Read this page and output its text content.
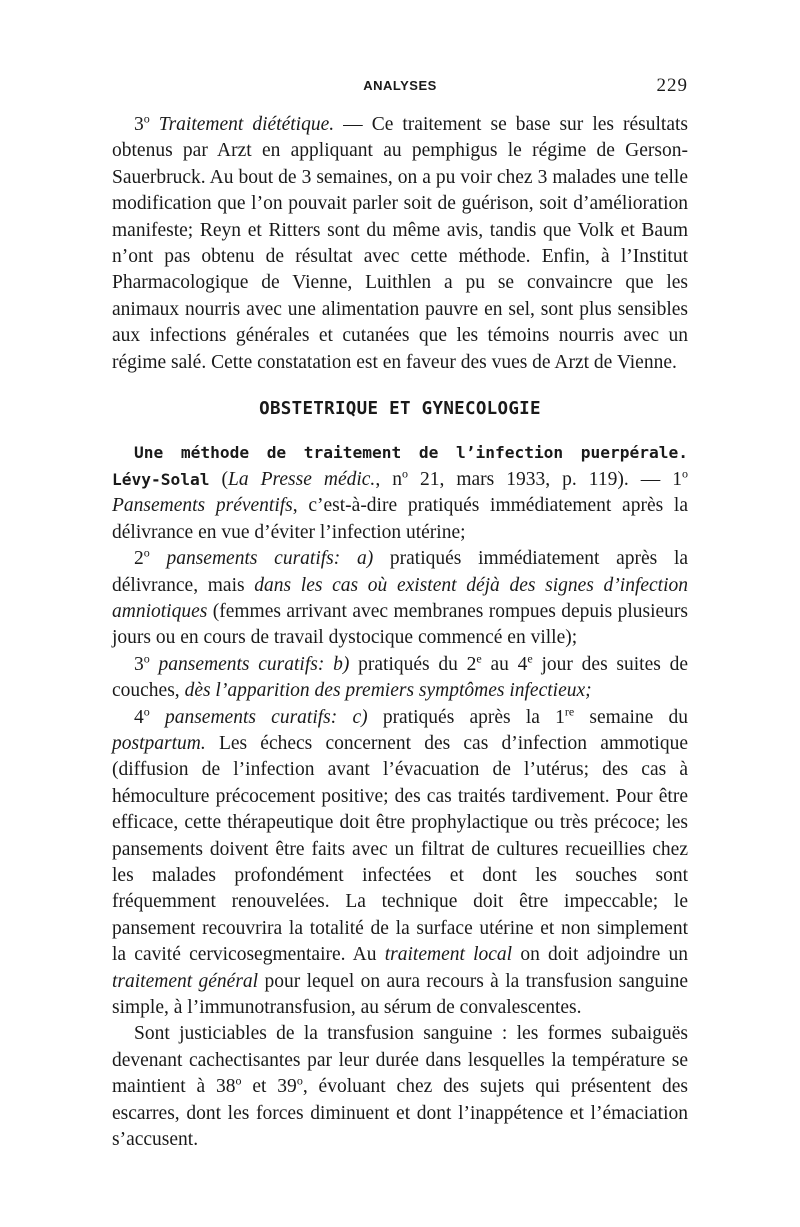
ANALYSES	229

3$^o$ Traitement diététique. — Ce traitement se base sur les résultats obtenus par Arzt en appliquant au pemphigus le régime de Gerson-Sauerbruck. Au bout de 3 semaines, on a pu voir chez 3 malades une telle modification que l’on pouvait parler soit de guérison, soit d’amélioration manifeste; Reyn et Ritters sont du même avis, tandis que Volk et Baum n’ont pas obtenu de résultat avec cette méthode. Enfin, à l’Institut Pharmacologique de Vienne, Luithlen a pu se convaincre que les animaux nourris avec une alimentation pauvre en sel, sont plus sensibles aux infections générales et cutanées que les témoins nourris avec un régime salé. Cette constatation est en faveur des vues de Arzt de Vienne.

OBSTETRIQUE ET GYNECOLOGIE

Une méthode de traitement de l’infection puerpérale. Lévy-Solal (La Presse médic., $n^o$ 21, mars 1933, p. 119). — 1$^o$ Pansements préventifs, c’est-à-dire pratiqués immédiatement après la délivrance en vue d’éviter l’infection utérine;

2$^o$ pansements curatifs: a) pratiqués immédiatement après la délivrance, mais dans les cas où existent déjà des signes d’infection amniotiques (femmes arrivant avec membranes rompues depuis plusieurs jours ou en cours de travail dystocique commencé en ville);

3$^o$ pansements curatifs: b) pratiqués du 2e au 4e jour des suites de couches, dès l’apparition des premiers symptômes infectieux;

4$^o$ pansements curatifs: c) pratiqués après la 1re semaine du postpartum. Les échecs concernent des cas d’infection ammotique (diffusion de l’infection avant l’évacuation de l’utérus; des cas à hémoculture précocement positive; des cas traités tardivement. Pour être efficace, cette thérapeutique doit être prophylactique ou très précoce; les pansements doivent être faits avec un filtrat de cultures recueillies chez les malades profondément infectées et dont les souches sont fréquemment renouvelées. La technique doit être impeccable; le pansement recouvrira la totalité de la surface utérine et non simplement la cavité cervicosegmentaire. Au traitement local on doit adjoindre un traitement général pour lequel on aura recours à la transfusion sanguine simple, à l’immunotransfusion, au sérum de convalescentes.

Sont justiciables de la transfusion sanguine : les formes subaiguës devenant cachectisantes par leur durée dans lesquelles la température se maintient à 38$^o$ et 39$^o$, évoluant chez des sujets qui présentent des escarres, dont les forces diminuent et dont l’inappétence et l’émaciation s’accusent.
